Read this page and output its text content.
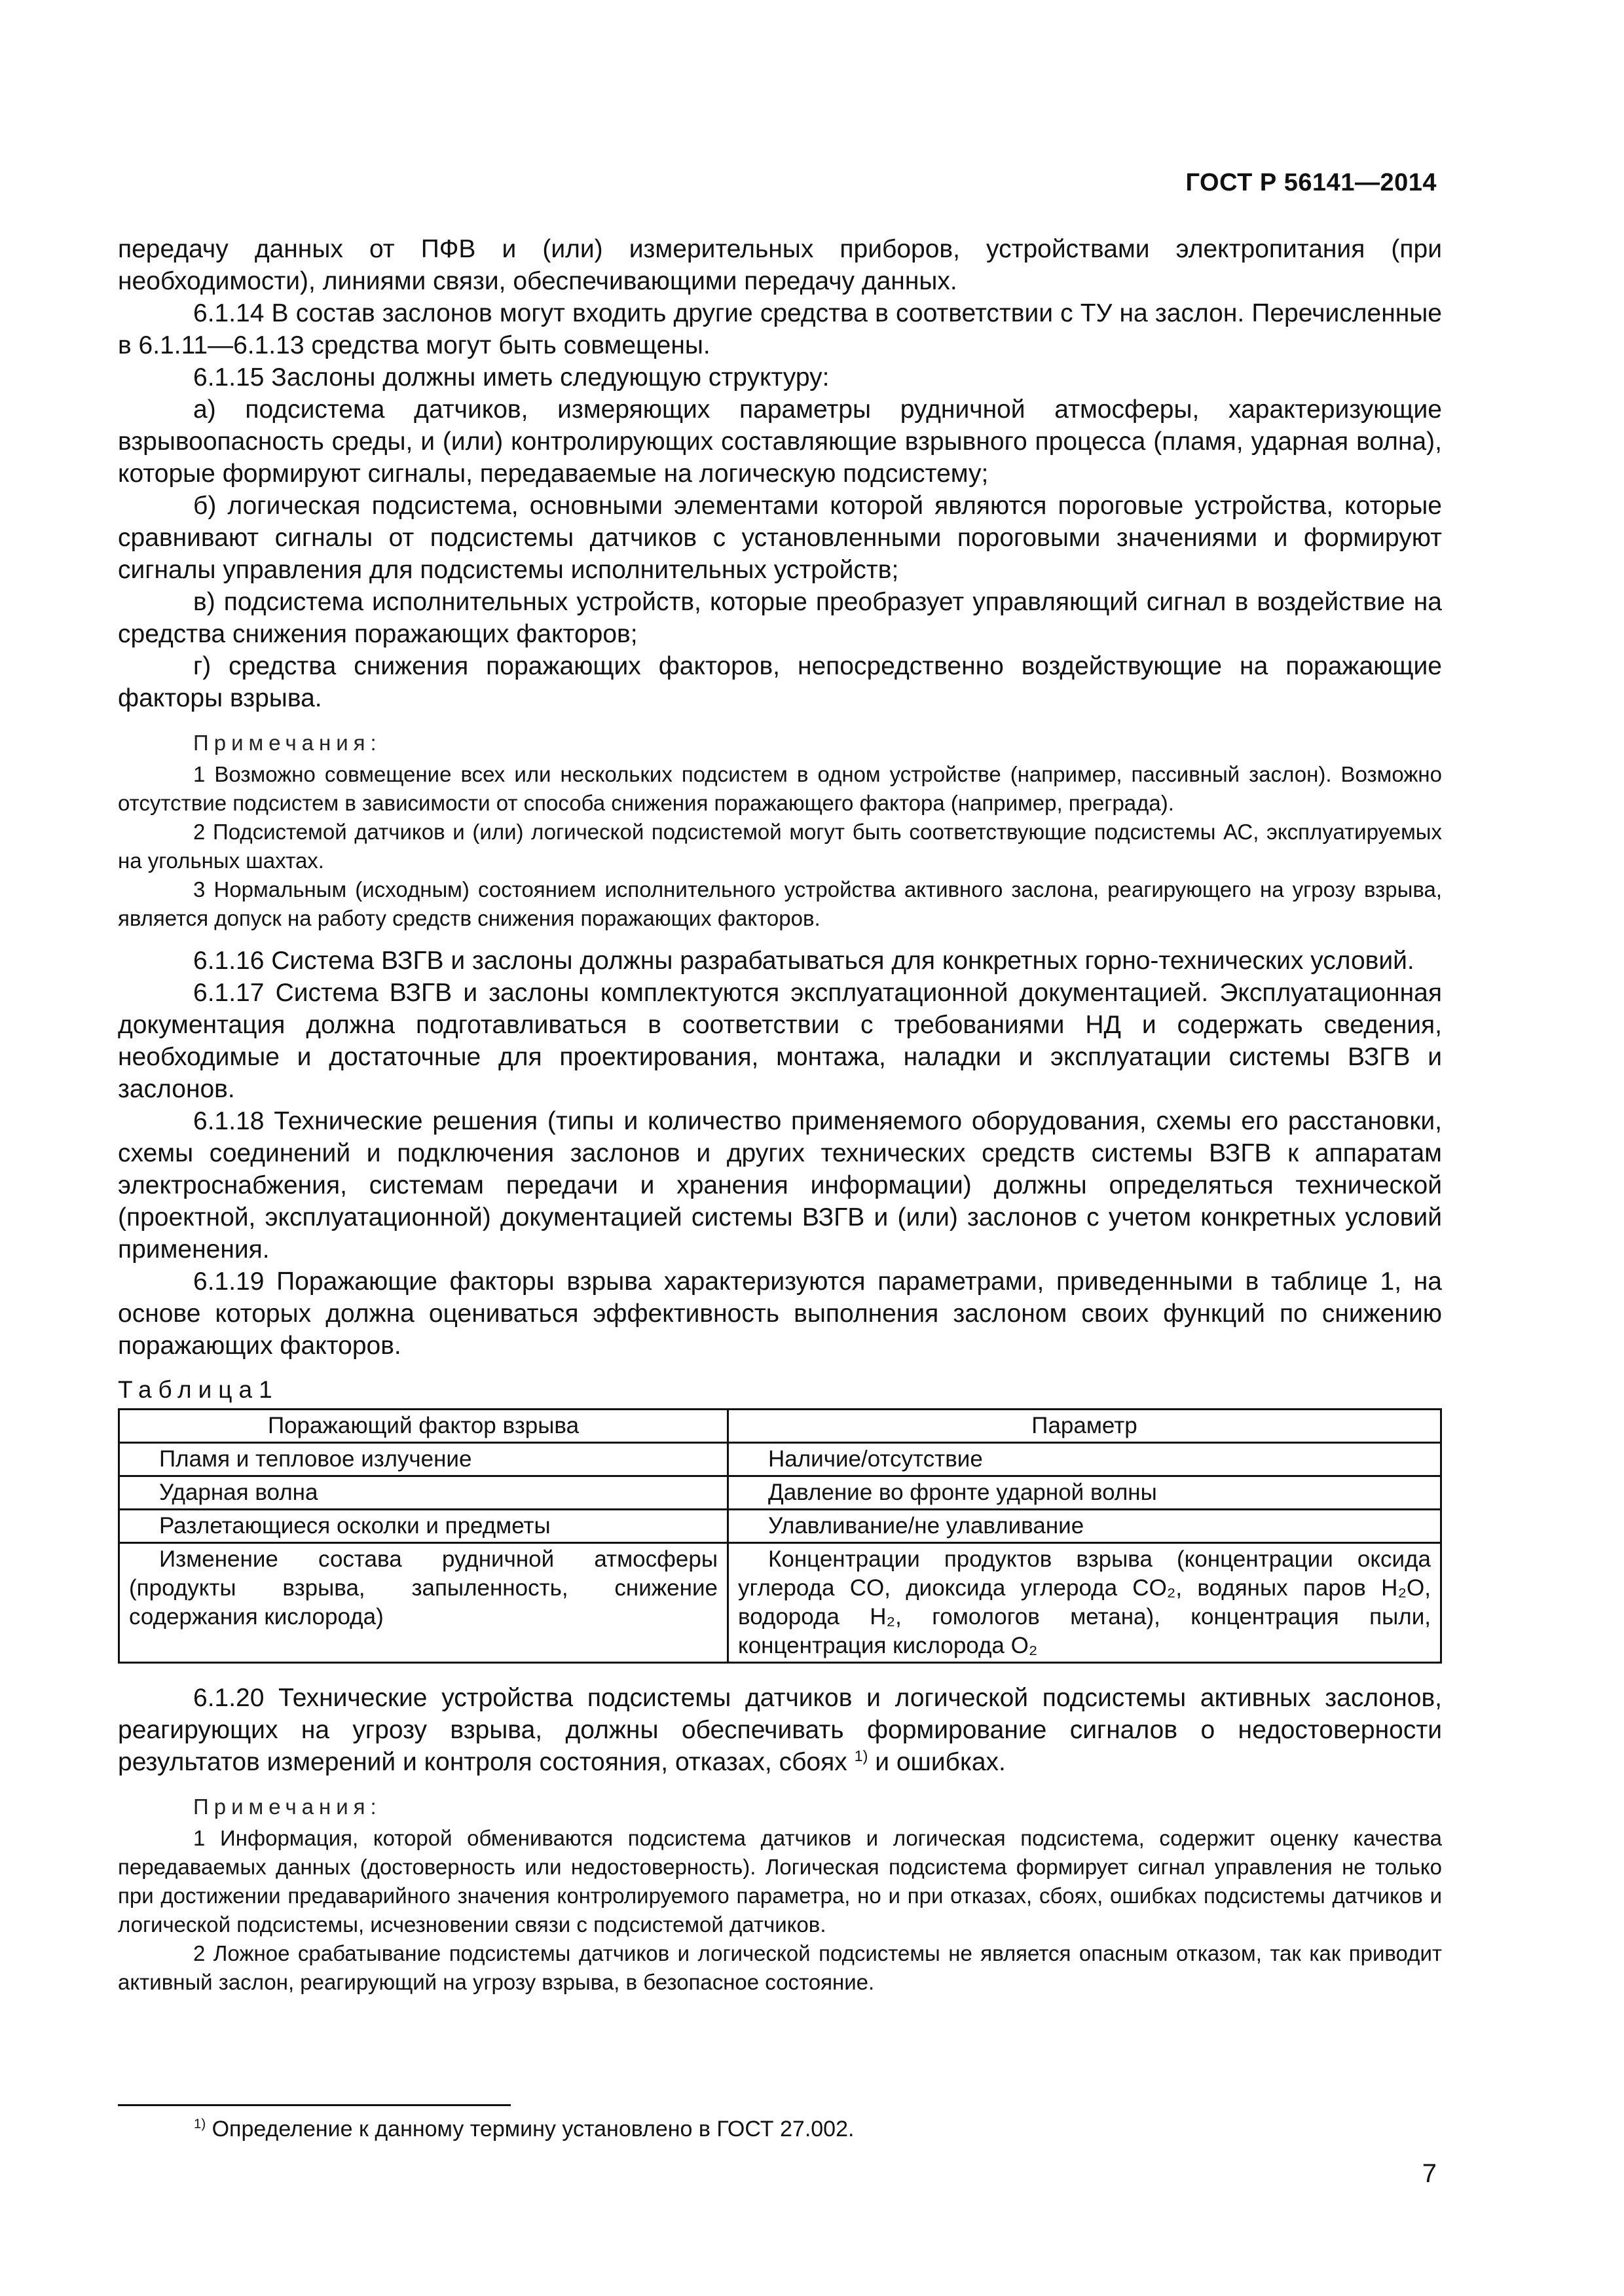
ГОСТ Р 56141—2014

передачу данных от ПФВ и (или) измерительных приборов, устройствами электропитания (при необходимости), линиями связи, обеспечивающими передачу данных.

6.1.14 В состав заслонов могут входить другие средства в соответствии с ТУ на заслон. Перечисленные в 6.1.11—6.1.13 средства могут быть совмещены.

6.1.15 Заслоны должны иметь следующую структуру:

а) подсистема датчиков, измеряющих параметры рудничной атмосферы, характеризующие взрывоопасность среды, и (или) контролирующих составляющие взрывного процесса (пламя, ударная волна), которые формируют сигналы, передаваемые на логическую подсистему;

б) логическая подсистема, основными элементами которой являются пороговые устройства, которые сравнивают сигналы от подсистемы датчиков с установленными пороговыми значениями и формируют сигналы управления для подсистемы исполнительных устройств;

в) подсистема исполнительных устройств, которые преобразует управляющий сигнал в воздействие на средства снижения поражающих факторов;

г) средства снижения поражающих факторов, непосредственно воздействующие на поражающие факторы взрыва.

Примечания:

1 Возможно совмещение всех или нескольких подсистем в одном устройстве (например, пассивный заслон). Возможно отсутствие подсистем в зависимости от способа снижения поражающего фактора (например, преграда).

2 Подсистемой датчиков и (или) логической подсистемой могут быть соответствующие подсистемы АС, эксплуатируемых на угольных шахтах.

3 Нормальным (исходным) состоянием исполнительного устройства активного заслона, реагирующего на угрозу взрыва, является допуск на работу средств снижения поражающих факторов.

6.1.16 Система ВЗГВ и заслоны должны разрабатываться для конкретных горно-технических условий.

6.1.17 Система ВЗГВ и заслоны комплектуются эксплуатационной документацией. Эксплуатационная документация должна подготавливаться в соответствии с требованиями НД и содержать сведения, необходимые и достаточные для проектирования, монтажа, наладки и эксплуатации системы ВЗГВ и заслонов.

6.1.18 Технические решения (типы и количество применяемого оборудования, схемы его расстановки, схемы соединений и подключения заслонов и других технических средств системы ВЗГВ к аппаратам электроснабжения, системам передачи и хранения информации) должны определяться технической (проектной, эксплуатационной) документацией системы ВЗГВ и (или) заслонов с учетом конкретных условий применения.

6.1.19 Поражающие факторы взрыва характеризуются параметрами, приведенными в таблице 1, на основе которых должна оцениваться эффективность выполнения заслоном своих функций по снижению поражающих факторов.

Таблица1
Поражающий фактор взрыва	Параметр
Пламя и тепловое излучение	Наличие/отсутствие
Ударная волна	Давление во фронте ударной волны
Разлетающиеся осколки и предметы	Улавливание/не улавливание
Изменение состава рудничной атмосферы (продукты взрыва, запыленность, снижение содержания кислорода)	Концентрации продуктов взрыва (концентрации оксида углерода CO, диоксида углерода CO₂, водяных паров H₂O, водорода H₂, гомологов метана), концентрация пыли, концентрация кислорода O₂

6.1.20 Технические устройства подсистемы датчиков и логической подсистемы активных заслонов, реагирующих на угрозу взрыва, должны обеспечивать формирование сигналов о недостоверности результатов измерений и контроля состояния, отказах, сбоях $^{1)}$ и ошибках.

Примечания:

1 Информация, которой обмениваются подсистема датчиков и логическая подсистема, содержит оценку качества передаваемых данных (достоверность или недостоверность). Логическая подсистема формирует сигнал управления не только при достижении предаварийного значения контролируемого параметра, но и при отказах, сбоях, ошибках подсистемы датчиков и логической подсистемы, исчезновении связи с подсистемой датчиков.

2 Ложное срабатывание подсистемы датчиков и логической подсистемы не является опасным отказом, так как приводит активный заслон, реагирующий на угрозу взрыва, в безопасное состояние.

$^{1)}$ Определение к данному термину установлено в ГОСТ 27.002.
7
